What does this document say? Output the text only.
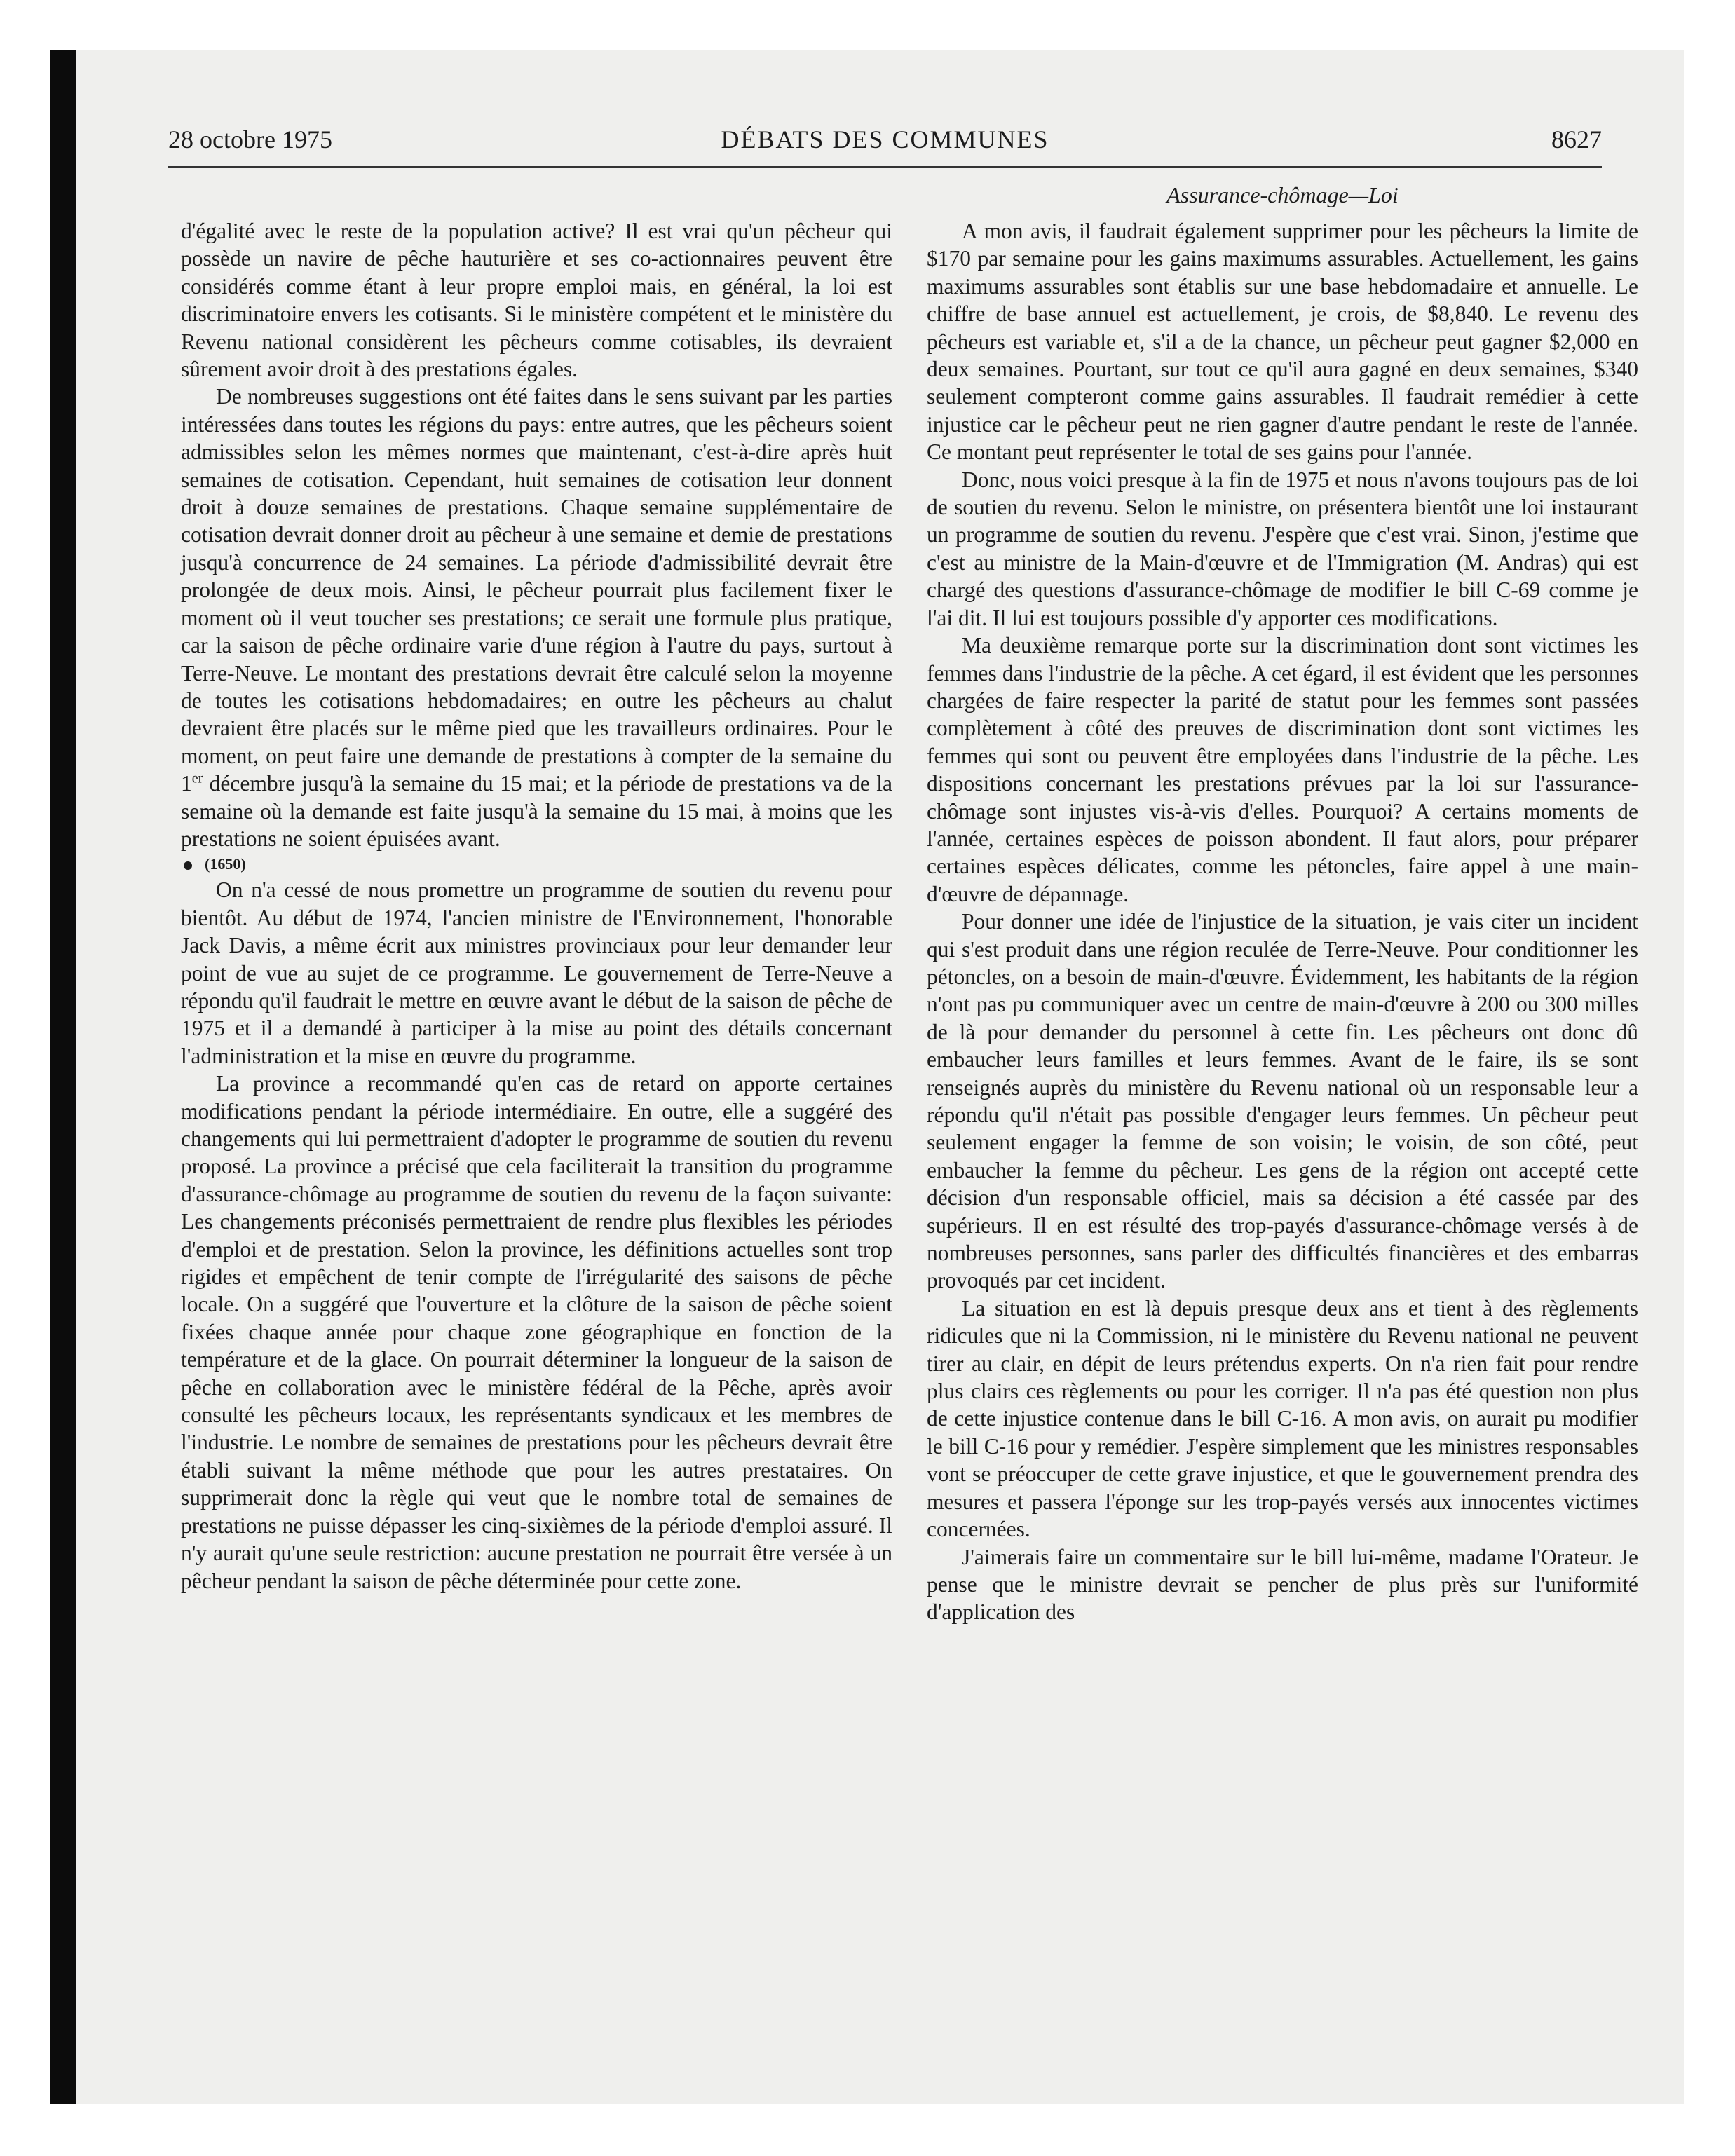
28 octobre 1975	DÉBATS DES COMMUNES	8627

d'égalité avec le reste de la population active? Il est vrai qu'un pêcheur qui possède un navire de pêche hauturière et ses co-actionnaires peuvent être considérés comme étant à leur propre emploi mais, en général, la loi est discriminatoire envers les cotisants. Si le ministère compétent et le ministère du Revenu national considèrent les pêcheurs comme cotisables, ils devraient sûrement avoir droit à des prestations égales.

De nombreuses suggestions ont été faites dans le sens suivant par les parties intéressées dans toutes les régions du pays: entre autres, que les pêcheurs soient admissibles selon les mêmes normes que maintenant, c'est-à-dire après huit semaines de cotisation. Cependant, huit semaines de cotisation leur donnent droit à douze semaines de prestations. Chaque semaine supplémentaire de cotisation devrait donner droit au pêcheur à une semaine et demie de prestations jusqu'à concurrence de 24 semaines. La période d'admissibilité devrait être prolongée de deux mois. Ainsi, le pêcheur pourrait plus facilement fixer le moment où il veut toucher ses prestations; ce serait une formule plus pratique, car la saison de pêche ordinaire varie d'une région à l'autre du pays, surtout à Terre-Neuve. Le montant des prestations devrait être calculé selon la moyenne de toutes les cotisations hebdomadaires; en outre les pêcheurs au chalut devraient être placés sur le même pied que les travailleurs ordinaires. Pour le moment, on peut faire une demande de prestations à compter de la semaine du 1er décembre jusqu'à la semaine du 15 mai; et la période de prestations va de la semaine où la demande est faite jusqu'à la semaine du 15 mai, à moins que les prestations ne soient épuisées avant.

(1650)

On n'a cessé de nous promettre un programme de soutien du revenu pour bientôt. Au début de 1974, l'ancien ministre de l'Environnement, l'honorable Jack Davis, a même écrit aux ministres provinciaux pour leur demander leur point de vue au sujet de ce programme. Le gouvernement de Terre-Neuve a répondu qu'il faudrait le mettre en œuvre avant le début de la saison de pêche de 1975 et il a demandé à participer à la mise au point des détails concernant l'administration et la mise en œuvre du programme.

La province a recommandé qu'en cas de retard on apporte certaines modifications pendant la période intermédiaire. En outre, elle a suggéré des changements qui lui permettraient d'adopter le programme de soutien du revenu proposé. La province a précisé que cela faciliterait la transition du programme d'assurance-chômage au programme de soutien du revenu de la façon suivante: Les changements préconisés permettraient de rendre plus flexibles les périodes d'emploi et de prestation. Selon la province, les définitions actuelles sont trop rigides et empêchent de tenir compte de l'irrégularité des saisons de pêche locale. On a suggéré que l'ouverture et la clôture de la saison de pêche soient fixées chaque année pour chaque zone géographique en fonction de la température et de la glace. On pourrait déterminer la longueur de la saison de pêche en collaboration avec le ministère fédéral de la Pêche, après avoir consulté les pêcheurs locaux, les représentants syndicaux et les membres de l'industrie. Le nombre de semaines de prestations pour les pêcheurs devrait être établi suivant la même méthode que pour les autres prestataires. On supprimerait donc la règle qui veut que le nombre total de semaines de prestations ne puisse dépasser les cinq-sixièmes de la période d'emploi assuré. Il n'y aurait qu'une seule restriction: aucune prestation ne pourrait être versée à un pêcheur pendant la saison de pêche déterminée pour cette zone.

Assurance-chômage—Loi

A mon avis, il faudrait également supprimer pour les pêcheurs la limite de $170 par semaine pour les gains maximums assurables. Actuellement, les gains maximums assurables sont établis sur une base hebdomadaire et annuelle. Le chiffre de base annuel est actuellement, je crois, de $8,840. Le revenu des pêcheurs est variable et, s'il a de la chance, un pêcheur peut gagner $2,000 en deux semaines. Pourtant, sur tout ce qu'il aura gagné en deux semaines, $340 seulement compteront comme gains assurables. Il faudrait remédier à cette injustice car le pêcheur peut ne rien gagner d'autre pendant le reste de l'année. Ce montant peut représenter le total de ses gains pour l'année.

Donc, nous voici presque à la fin de 1975 et nous n'avons toujours pas de loi de soutien du revenu. Selon le ministre, on présentera bientôt une loi instaurant un programme de soutien du revenu. J'espère que c'est vrai. Sinon, j'estime que c'est au ministre de la Main-d'œuvre et de l'Immigration (M. Andras) qui est chargé des questions d'assurance-chômage de modifier le bill C-69 comme je l'ai dit. Il lui est toujours possible d'y apporter ces modifications.

Ma deuxième remarque porte sur la discrimination dont sont victimes les femmes dans l'industrie de la pêche. A cet égard, il est évident que les personnes chargées de faire respecter la parité de statut pour les femmes sont passées complètement à côté des preuves de discrimination dont sont victimes les femmes qui sont ou peuvent être employées dans l'industrie de la pêche. Les dispositions concernant les prestations prévues par la loi sur l'assurance-chômage sont injustes vis-à-vis d'elles. Pourquoi? A certains moments de l'année, certaines espèces de poisson abondent. Il faut alors, pour préparer certaines espèces délicates, comme les pétoncles, faire appel à une main-d'œuvre de dépannage.

Pour donner une idée de l'injustice de la situation, je vais citer un incident qui s'est produit dans une région reculée de Terre-Neuve. Pour conditionner les pétoncles, on a besoin de main-d'œuvre. Évidemment, les habitants de la région n'ont pas pu communiquer avec un centre de main-d'œuvre à 200 ou 300 milles de là pour demander du personnel à cette fin. Les pêcheurs ont donc dû embaucher leurs familles et leurs femmes. Avant de le faire, ils se sont renseignés auprès du ministère du Revenu national où un responsable leur a répondu qu'il n'était pas possible d'engager leurs femmes. Un pêcheur peut seulement engager la femme de son voisin; le voisin, de son côté, peut embaucher la femme du pêcheur. Les gens de la région ont accepté cette décision d'un responsable officiel, mais sa décision a été cassée par des supérieurs. Il en est résulté des trop-payés d'assurance-chômage versés à de nombreuses personnes, sans parler des difficultés financières et des embarras provoqués par cet incident.

La situation en est là depuis presque deux ans et tient à des règlements ridicules que ni la Commission, ni le ministère du Revenu national ne peuvent tirer au clair, en dépit de leurs prétendus experts. On n'a rien fait pour rendre plus clairs ces règlements ou pour les corriger. Il n'a pas été question non plus de cette injustice contenue dans le bill C-16. A mon avis, on aurait pu modifier le bill C-16 pour y remédier. J'espère simplement que les ministres responsables vont se préoccuper de cette grave injustice, et que le gouvernement prendra des mesures et passera l'éponge sur les trop-payés versés aux innocentes victimes concernées.

J'aimerais faire un commentaire sur le bill lui-même, madame l'Orateur. Je pense que le ministre devrait se pencher de plus près sur l'uniformité d'application des
